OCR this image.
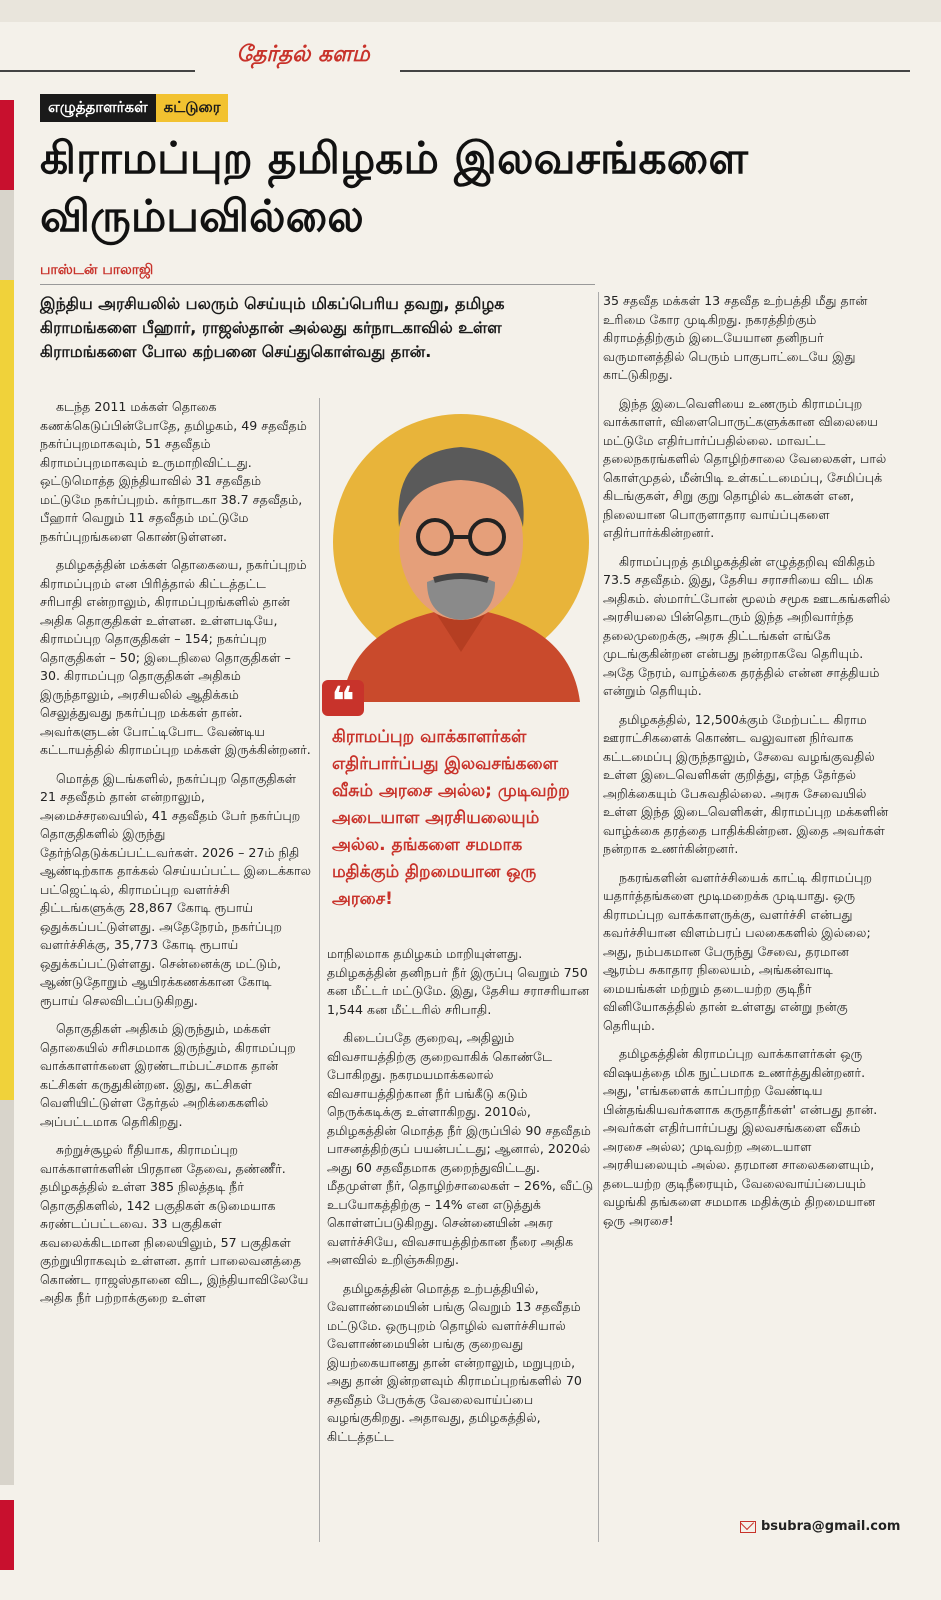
தேர்தல் களம்
எழுத்தாளர்கள்	கட்டுரை
கிராமப்புற தமிழகம் இலவசங்களை விரும்பவில்லை
பாஸ்டன் பாலாஜி

இந்திய அரசியலில் பலரும் செய்யும் மிகப்பெரிய தவறு, தமிழக கிராமங்களை பீஹார், ராஜஸ்தான் அல்லது கர்நாடகாவில் உள்ள கிராமங்களை போல கற்பனை செய்துகொள்வது தான்.

கடந்த 2011 மக்கள் தொகை கணக்கெடுப்பின்போதே, தமிழகம், 49 சதவீதம் நகர்ப்புறமாகவும், 51 சதவீதம் கிராமப்புறமாகவும் உருமாறிவிட்டது. ஒட்டுமொத்த இந்தியாவில் 31 சதவீதம் மட்டுமே நகர்ப்புறம். கர்நாடகா 38.7 சதவீதம், பீஹார் வெறும் 11 சதவீதம் மட்டுமே நகர்ப்புறங்களை கொண்டுள்ளன.

தமிழகத்தின் மக்கள் தொகையை, நகர்ப்புறம் கிராமப்புறம் என பிரித்தால் கிட்டத்தட்ட சரிபாதி என்றாலும், கிராமப்புறங்களில் தான் அதிக தொகுதிகள் உள்ளன. உள்ளபடியே, கிராமப்புற தொகுதிகள் – 154; நகர்ப்புற தொகுதிகள் – 50; இடைநிலை தொகுதிகள் – 30. கிராமப்புற தொகுதிகள் அதிகம் இருந்தாலும், அரசியலில் ஆதிக்கம் செலுத்துவது நகர்ப்புற மக்கள் தான். அவர்களுடன் போட்டிபோட வேண்டிய கட்டாயத்தில் கிராமப்புற மக்கள் இருக்கின்றனர்.

மொத்த இடங்களில், நகர்ப்புற தொகுதிகள் 21 சதவீதம் தான் என்றாலும், அமைச்சரவையில், 41 சதவீதம் பேர் நகர்ப்புற தொகுதிகளில் இருந்து தேர்ந்தெடுக்கப்பட்டவர்கள். 2026 – 27ம் நிதி ஆண்டிற்காக தாக்கல் செய்யப்பட்ட இடைக்கால பட்ஜெட்டில், கிராமப்புற வளர்ச்சி திட்டங்களுக்கு 28,867 கோடி ரூபாய் ஒதுக்கப்பட்டுள்ளது. அதேநேரம், நகர்ப்புற வளர்ச்சிக்கு, 35,773 கோடி ரூபாய் ஒதுக்கப்பட்டுள்ளது. சென்னைக்கு மட்டும், ஆண்டுதோறும் ஆயிரக்கணக்கான கோடி ரூபாய் செலவிடப்படுகிறது.

தொகுதிகள் அதிகம் இருந்தும், மக்கள் தொகையில் சரிசமமாக இருந்தும், கிராமப்புற வாக்காளர்களை இரண்டாம்பட்சமாக தான் கட்சிகள் கருதுகின்றன. இது, கட்சிகள் வெளியிட்டுள்ள தேர்தல் அறிக்கைகளில் அப்பட்டமாக தெரிகிறது.

சுற்றுச்சூழல் ரீதியாக, கிராமப்புற வாக்காளர்களின் பிரதான தேவை, தண்ணீர். தமிழகத்தில் உள்ள 385 நிலத்தடி நீர் தொகுதிகளில், 142 பகுதிகள் கடுமையாக சுரண்டப்பட்டவை. 33 பகுதிகள் கவலைக்கிடமான நிலையிலும், 57 பகுதிகள் குற்றுயிராகவும் உள்ளன. தார் பாலைவனத்தை கொண்ட ராஜஸ்தானை விட, இந்தியாவிலேயே அதிக நீர் பற்றாக்குறை உள்ள

❝

கிராமப்புற வாக்காளர்கள் எதிர்பார்ப்பது இலவசங்களை வீசும் அரசை அல்ல; முடிவற்ற அடையாள அரசியலையும் அல்ல. தங்களை சமமாக மதிக்கும் திறமையான ஒரு அரசை!

மாநிலமாக தமிழகம் மாறியுள்ளது. தமிழகத்தின் தனிநபர் நீர் இருப்பு வெறும் 750 கன மீட்டர் மட்டுமே. இது, தேசிய சராசரியான 1,544 கன மீட்டரில் சரிபாதி.

கிடைப்பதே குறைவு, அதிலும் விவசாயத்திற்கு குறைவாகிக் கொண்டே போகிறது. நகரமயமாக்கலால் விவசாயத்திற்கான நீர் பங்கீடு கடும் நெருக்கடிக்கு உள்ளாகிறது. 2010ல், தமிழகத்தின் மொத்த நீர் இருப்பில் 90 சதவீதம் பாசனத்திற்குப் பயன்பட்டது; ஆனால், 2020ல் அது 60 சதவீதமாக குறைந்துவிட்டது. மீதமுள்ள நீர், தொழிற்சாலைகள் – 26%, வீட்டு உபயோகத்திற்கு – 14% என எடுத்துக் கொள்ளப்படுகிறது. சென்னையின் அசுர வளர்ச்சியே, விவசாயத்திற்கான நீரை அதிக அளவில் உறிஞ்சுகிறது.

தமிழகத்தின் மொத்த உற்பத்தியில், வேளாண்மையின் பங்கு வெறும் 13 சதவீதம் மட்டுமே. ஒருபுறம் தொழில் வளர்ச்சியால் வேளாண்மையின் பங்கு குறைவது இயற்கையானது தான் என்றாலும், மறுபுறம், அது தான் இன்றளவும் கிராமப்புறங்களில் 70 சதவீதம் பேருக்கு வேலைவாய்ப்பை வழங்குகிறது. அதாவது, தமிழகத்தில், கிட்டத்தட்ட

35 சதவீத மக்கள் 13 சதவீத உற்பத்தி மீது தான் உரிமை கோர முடிகிறது. நகரத்திற்கும் கிராமத்திற்கும் இடையேயான தனிநபர் வருமானத்தில் பெரும் பாகுபாட்டையே இது காட்டுகிறது.

இந்த இடைவெளியை உணரும் கிராமப்புற வாக்காளர், விளைபொருட்களுக்கான விலையை மட்டுமே எதிர்பார்ப்பதில்லை. மாவட்ட தலைநகரங்களில் தொழிற்சாலை வேலைகள், பால் கொள்முதல், மீன்பிடி உள்கட்டமைப்பு, சேமிப்புக் கிடங்குகள், சிறு குறு தொழில் கடன்கள் என, நிலையான பொருளாதார வாய்ப்புகளை எதிர்பார்க்கின்றனர்.

கிராமப்புறத் தமிழகத்தின் எழுத்தறிவு விகிதம் 73.5 சதவீதம். இது, தேசிய சராசரியை விட மிக அதிகம். ஸ்மார்ட்போன் மூலம் சமூக ஊடகங்களில் அரசியலை பின்தொடரும் இந்த அறிவார்ந்த தலைமுறைக்கு, அரசு திட்டங்கள் எங்கே முடங்குகின்றன என்பது நன்றாகவே தெரியும். அதே நேரம், வாழ்க்கை தரத்தில் என்ன சாத்தியம் என்றும் தெரியும்.

தமிழகத்தில், 12,500க்கும் மேற்பட்ட கிராம ஊராட்சிகளைக் கொண்ட வலுவான நிர்வாக கட்டமைப்பு இருந்தாலும், சேவை வழங்குவதில் உள்ள இடைவெளிகள் குறித்து, எந்த தேர்தல் அறிக்கையும் பேசுவதில்லை. அரசு சேவையில் உள்ள இந்த இடைவெளிகள், கிராமப்புற மக்களின் வாழ்க்கை தரத்தை பாதிக்கின்றன. இதை அவர்கள் நன்றாக உணர்கின்றனர்.

நகரங்களின் வளர்ச்சியைக் காட்டி கிராமப்புற யதார்த்தங்களை மூடிமறைக்க முடியாது. ஒரு கிராமப்புற வாக்காளருக்கு, வளர்ச்சி என்பது கவர்ச்சியான விளம்பரப் பலகைகளில் இல்லை; அது, நம்பகமான பேருந்து சேவை, தரமான ஆரம்ப சுகாதார நிலையம், அங்கன்வாடி மையங்கள் மற்றும் தடையற்ற குடிநீர் வினியோகத்தில் தான் உள்ளது என்று நன்கு தெரியும்.

தமிழகத்தின் கிராமப்புற வாக்காளர்கள் ஒரு விஷயத்தை மிக நுட்பமாக உணர்த்துகின்றனர். அது, 'எங்களைக் காப்பாற்ற வேண்டிய பின்தங்கியவர்களாக கருதாதீர்கள்' என்பது தான். அவர்கள் எதிர்பார்ப்பது இலவசங்களை வீசும் அரசை அல்ல; முடிவற்ற அடையாள அரசியலையும் அல்ல. தரமான சாலைகளையும், தடையற்ற குடிநீரையும், வேலைவாய்ப்பையும் வழங்கி தங்களை சமமாக மதிக்கும் திறமையான ஒரு அரசை!

bsubra@gmail.com
